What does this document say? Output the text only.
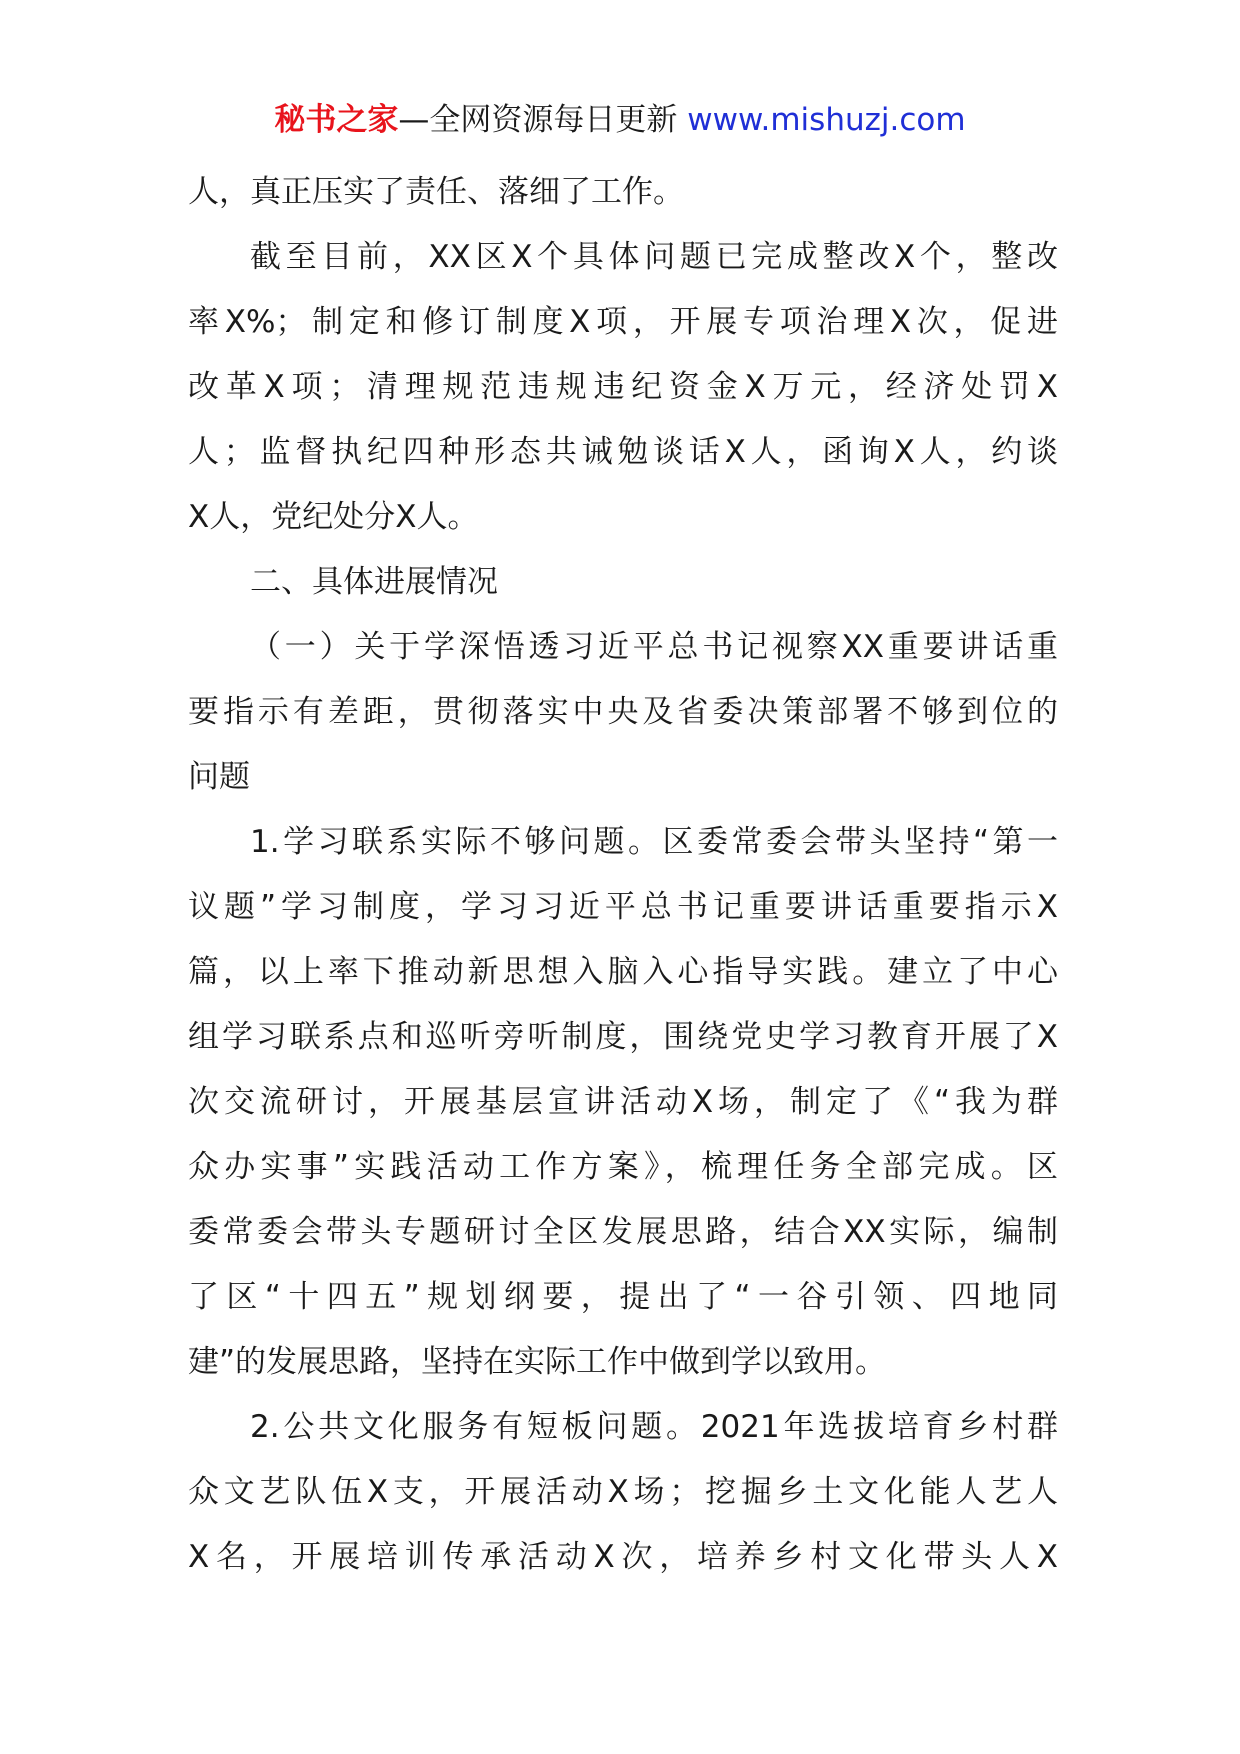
秘书之家—全网资源每日更新 www.mishuzj.com
人，真正压实了责任、落细了工作。
截至目前，XX区X个具体问题已完成整改X个，整改
率X%；制定和修订制度X项，开展专项治理X次，促进
改革X项；清理规范违规违纪资金X万元，经济处罚X
人；监督执纪四种形态共诫勉谈话X人，函询X人，约谈
X人，党纪处分X人。
二、具体进展情况
（一）关于学深悟透习近平总书记视察XX重要讲话重
要指示有差距，贯彻落实中央及省委决策部署不够到位的
问题
1.学习联系实际不够问题。区委常委会带头坚持“第一
议题”学习制度，学习习近平总书记重要讲话重要指示X
篇，以上率下推动新思想入脑入心指导实践。建立了中心
组学习联系点和巡听旁听制度，围绕党史学习教育开展了X
次交流研讨，开展基层宣讲活动X场，制定了《“我为群
众办实事”实践活动工作方案》，梳理任务全部完成。区
委常委会带头专题研讨全区发展思路，结合XX实际，编制
了区“十四五”规划纲要，提出了“一谷引领、四地同
建”的发展思路，坚持在实际工作中做到学以致用。
2.公共文化服务有短板问题。2021年选拔培育乡村群
众文艺队伍X支，开展活动X场；挖掘乡土文化能人艺人
X名，开展培训传承活动X次，培养乡村文化带头人X
